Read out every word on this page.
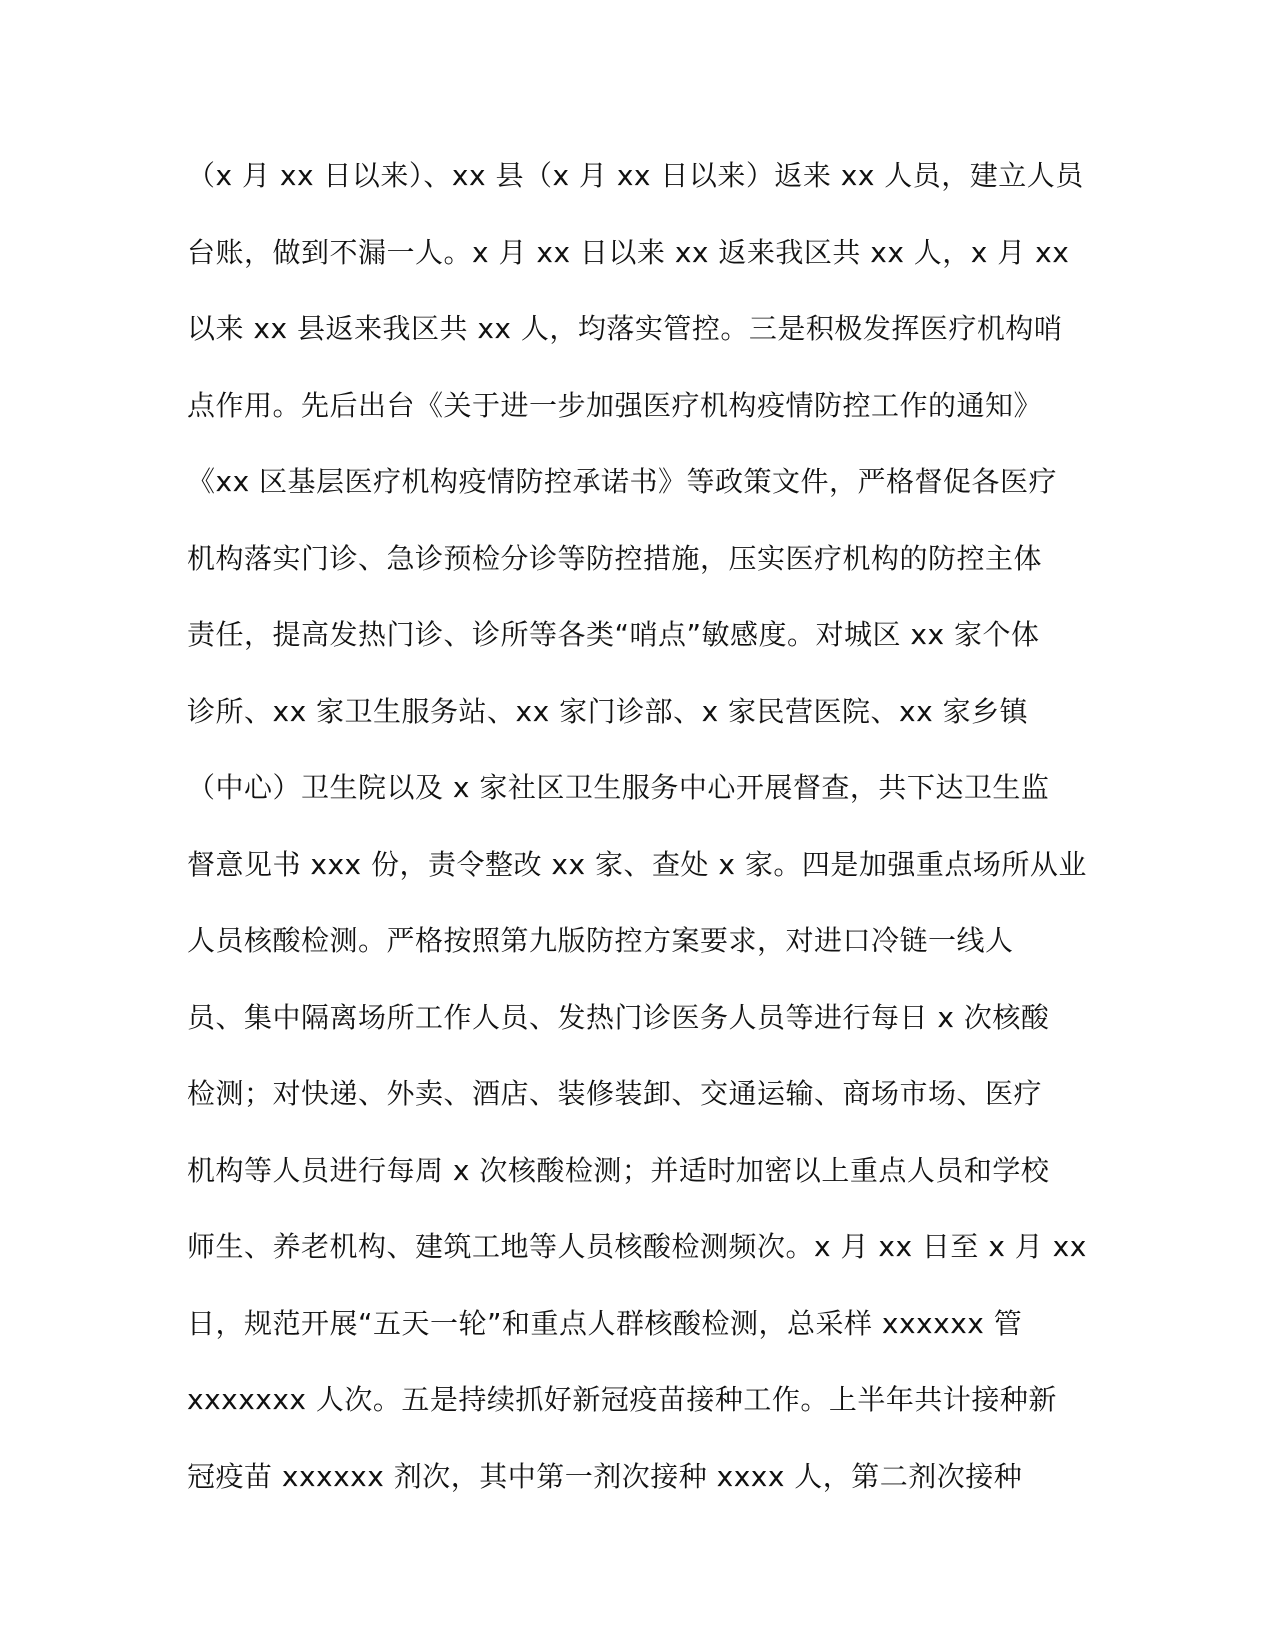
（x 月 xx 日以来）、xx 县（x 月 xx 日以来）返来 xx 人员，建立人员
台账，做到不漏一人。x 月 xx 日以来 xx 返来我区共 xx 人，x 月 xx
以来 xx 县返来我区共 xx 人，均落实管控。三是积极发挥医疗机构哨
点作用。先后出台《关于进一步加强医疗机构疫情防控工作的通知》
《xx 区基层医疗机构疫情防控承诺书》等政策文件，严格督促各医疗
机构落实门诊、急诊预检分诊等防控措施，压实医疗机构的防控主体
责任，提高发热门诊、诊所等各类“哨点”敏感度。对城区 xx 家个体
诊所、xx 家卫生服务站、xx 家门诊部、x 家民营医院、xx 家乡镇
（中心）卫生院以及 x 家社区卫生服务中心开展督查，共下达卫生监
督意见书 xxx 份，责令整改 xx 家、查处 x 家。四是加强重点场所从业
人员核酸检测。严格按照第九版防控方案要求，对进口冷链一线人
员、集中隔离场所工作人员、发热门诊医务人员等进行每日 x 次核酸
检测；对快递、外卖、酒店、装修装卸、交通运输、商场市场、医疗
机构等人员进行每周 x 次核酸检测；并适时加密以上重点人员和学校
师生、养老机构、建筑工地等人员核酸检测频次。x 月 xx 日至 x 月 xx
日，规范开展“五天一轮”和重点人群核酸检测，总采样 xxxxxx 管
xxxxxxx 人次。五是持续抓好新冠疫苗接种工作。上半年共计接种新
冠疫苗 xxxxxx 剂次，其中第一剂次接种 xxxx 人，第二剂次接种
